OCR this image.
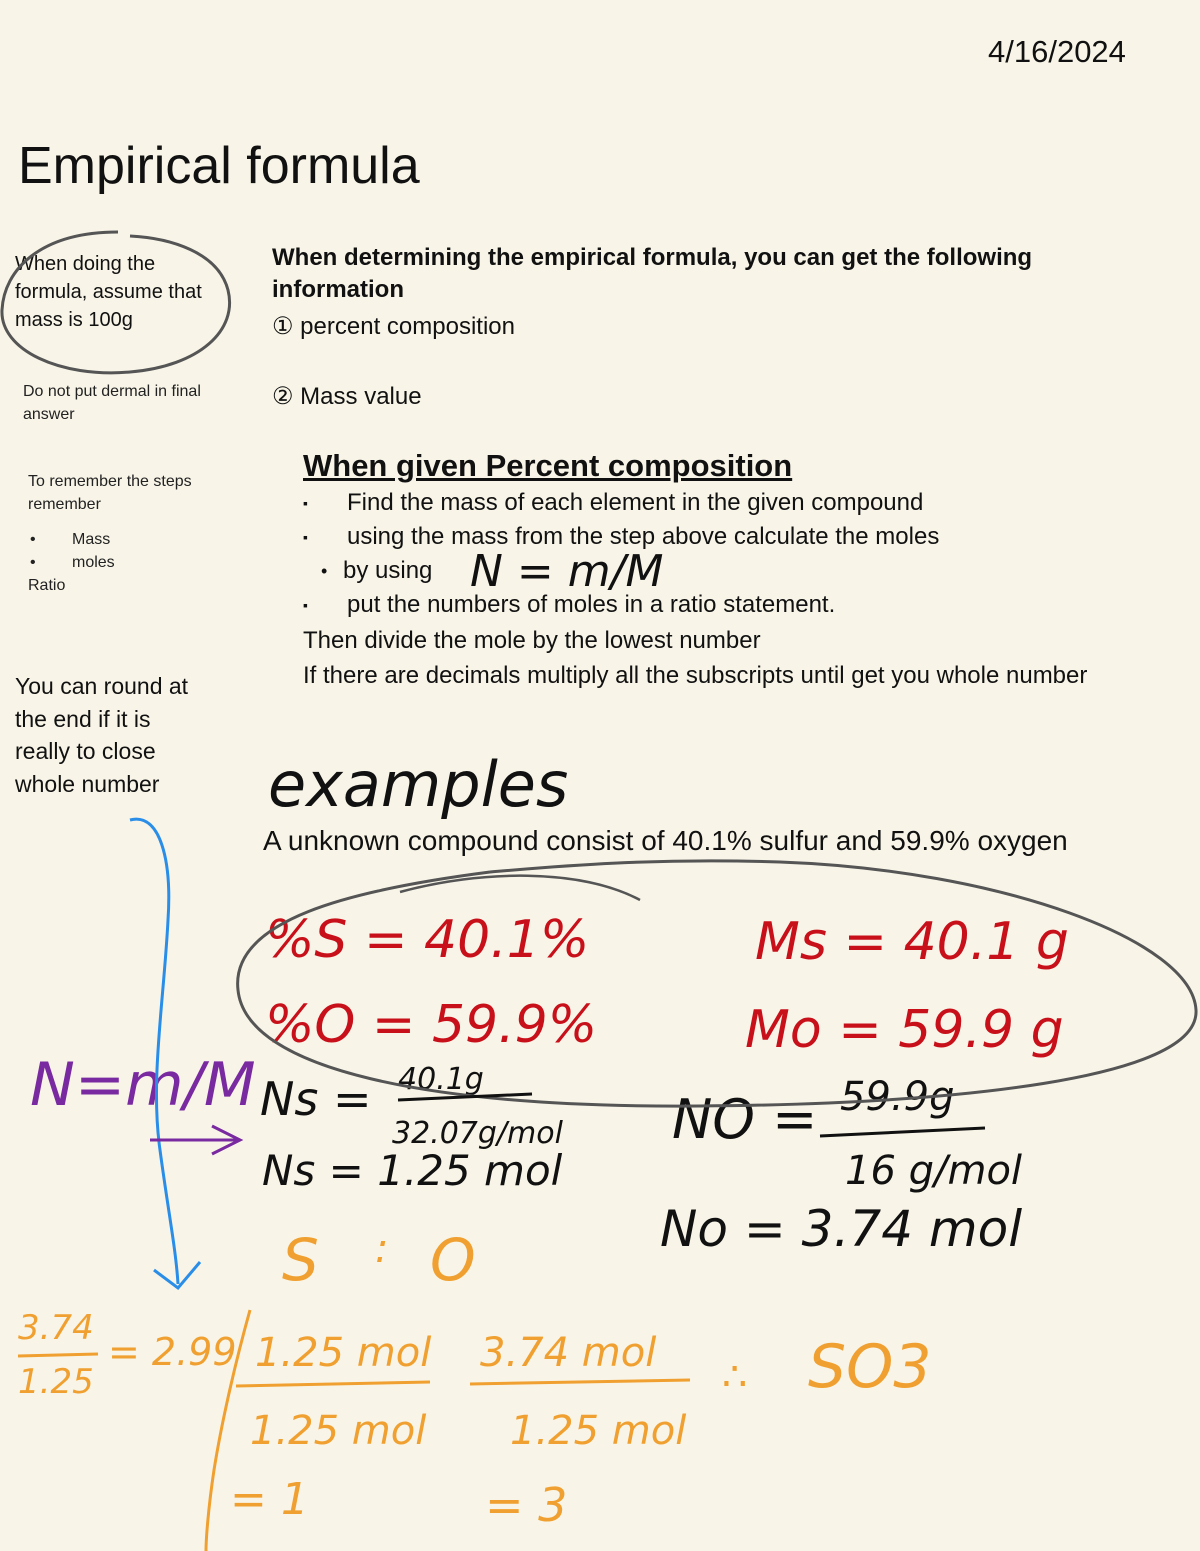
4/16/2024
Empirical formula
When doing the formula, assume that mass is 100g
Do not put dermal in final answer
To remember the steps remember
• Mass
• moles
Ratio
You can round at the end if it is really to close whole number
When determining the empirical formula, you can get the following information
① percent composition
② Mass value
When given Percent composition
▪ Find the mass of each element in the given compound
▪ using the mass from the step above calculate the moles
• by using
▪ put the numbers of moles in a ratio statement.
Then divide the mole by the lowest number
If there are decimals multiply all the subscripts until get you whole number
examples
A unknown compound consist of 40.1% sulfur and 59.9% oxygen
N = m/M
%S = 40.1%
%O = 59.9%
Ms = 40.1 g
Mo = 59.9 g
Ns = 40.1g
32.07g/mol
Ns = 1.25 mol
NO = 59.9g
16 g/mol
No = 3.74 mol
N=m/M
S : O
3.74
1.25
= 2.99 1.25 mol
1.25 mol
= 1
3.74 mol
1.25 mol
= 3
∴ SO3
